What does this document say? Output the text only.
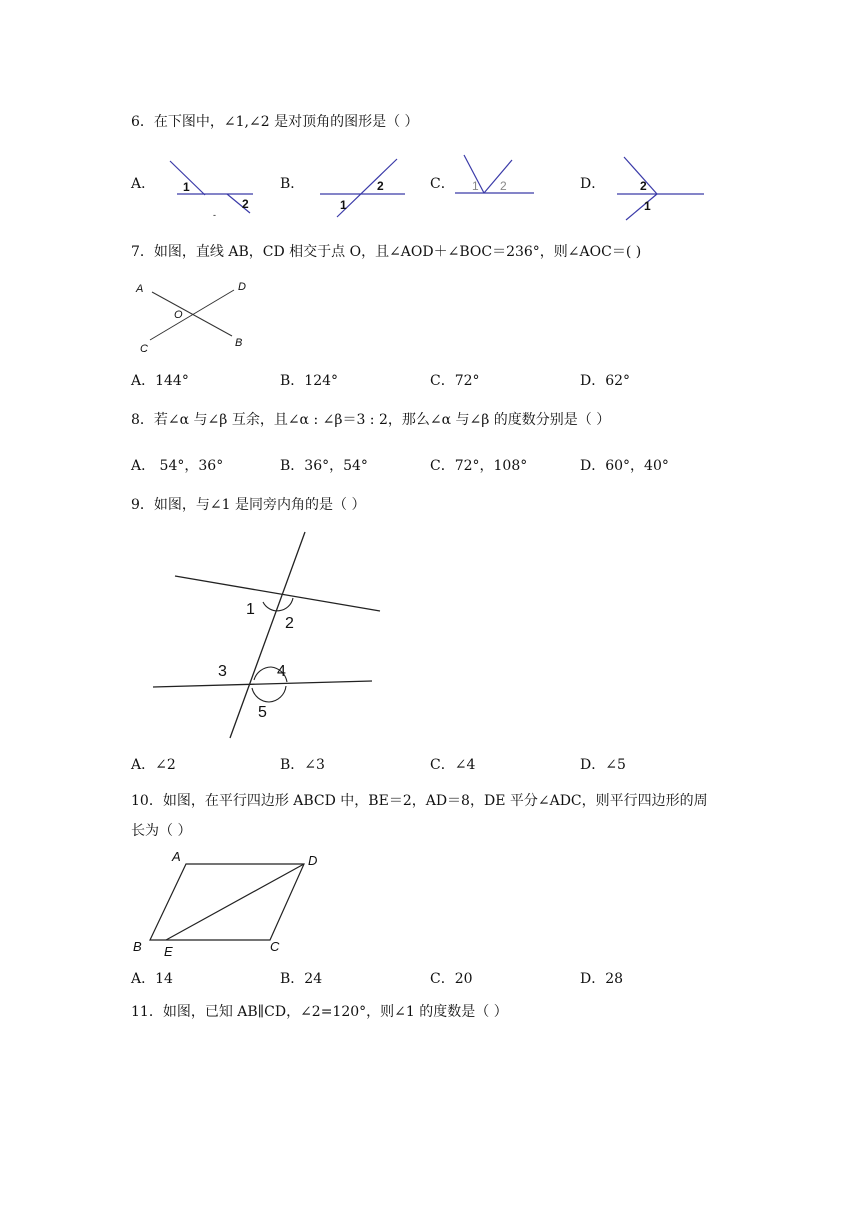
6．在下图中，∠1,∠2 是对顶角的图形是（ ）
A． 1
2
-
B．
1
2	C． 1 2	D．	2
1
7．如图，直线 AB，CD 相交于点 O，且∠AOD＋∠BOC＝236°，则∠AOC＝( )
A	D
O
C	B
A．144°	B．124°	C．72°	D．62°
8．若∠α 与∠β 互余，且∠α : ∠β＝3 : 2，那么∠α 与∠β 的度数分别是（ ）
A． 54°，36°	B．36°，54°	C．72°，108°	D．60°，40°
9．如图，与∠1 是同旁内角的是（ ）
1
2
3	4
5
A．∠2	B．∠3	C．∠4	D．∠5
10．如图，在平行四边形 ABCD 中，BE＝2，AD＝8，DE 平分∠ADC，则平行四边形的周
长为（ ）
A	D
B E	C
A．14	B．24	C．20	D．28
11．如图，已知 AB∥CD，∠2=120°，则∠1 的度数是（ ）
